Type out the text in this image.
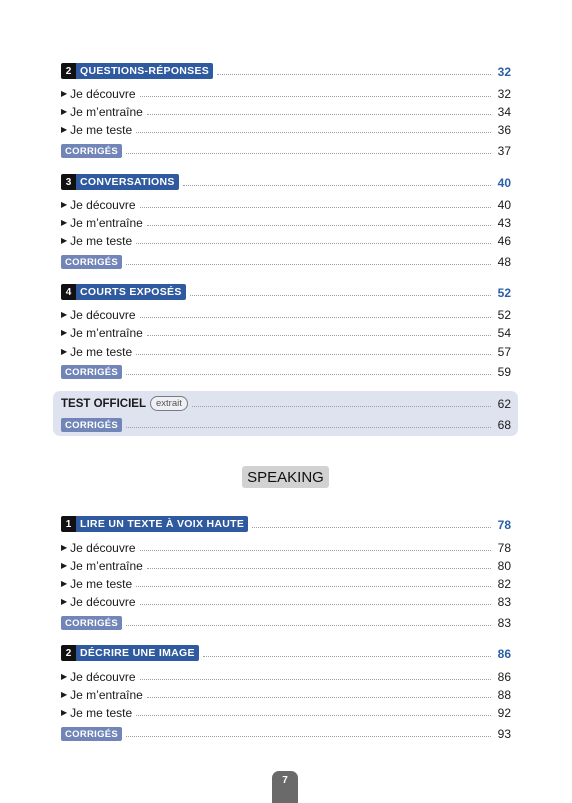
2 QUESTIONS-RÉPONSES	32
▶ Je découvre	32
▶ Je m’entraîne	34
▶ Je me teste	36
CORRIGÉS	37
3 CONVERSATIONS	40
▶ Je découvre	40
▶ Je m’entraîne	43
▶ Je me teste	46
CORRIGÉS	48
4 COURTS EXPOSÉS	52
▶ Je découvre	52
▶ Je m’entraîne	54
▶ Je me teste	57
CORRIGÉS	59
TEST OFFICIEL	extrait	62
CORRIGÉS	68
SPEAKING
1 LIRE UN TEXTE À VOIX HAUTE	78
▶ Je découvre	78
▶ Je m’entraîne	80
▶ Je me teste	82
▶ Je découvre	83
CORRIGÉS	83
2 DÉCRIRE UNE IMAGE	86
▶ Je découvre	86
▶ Je m’entraîne	88
▶ Je me teste	92
CORRIGÉS	93
7
